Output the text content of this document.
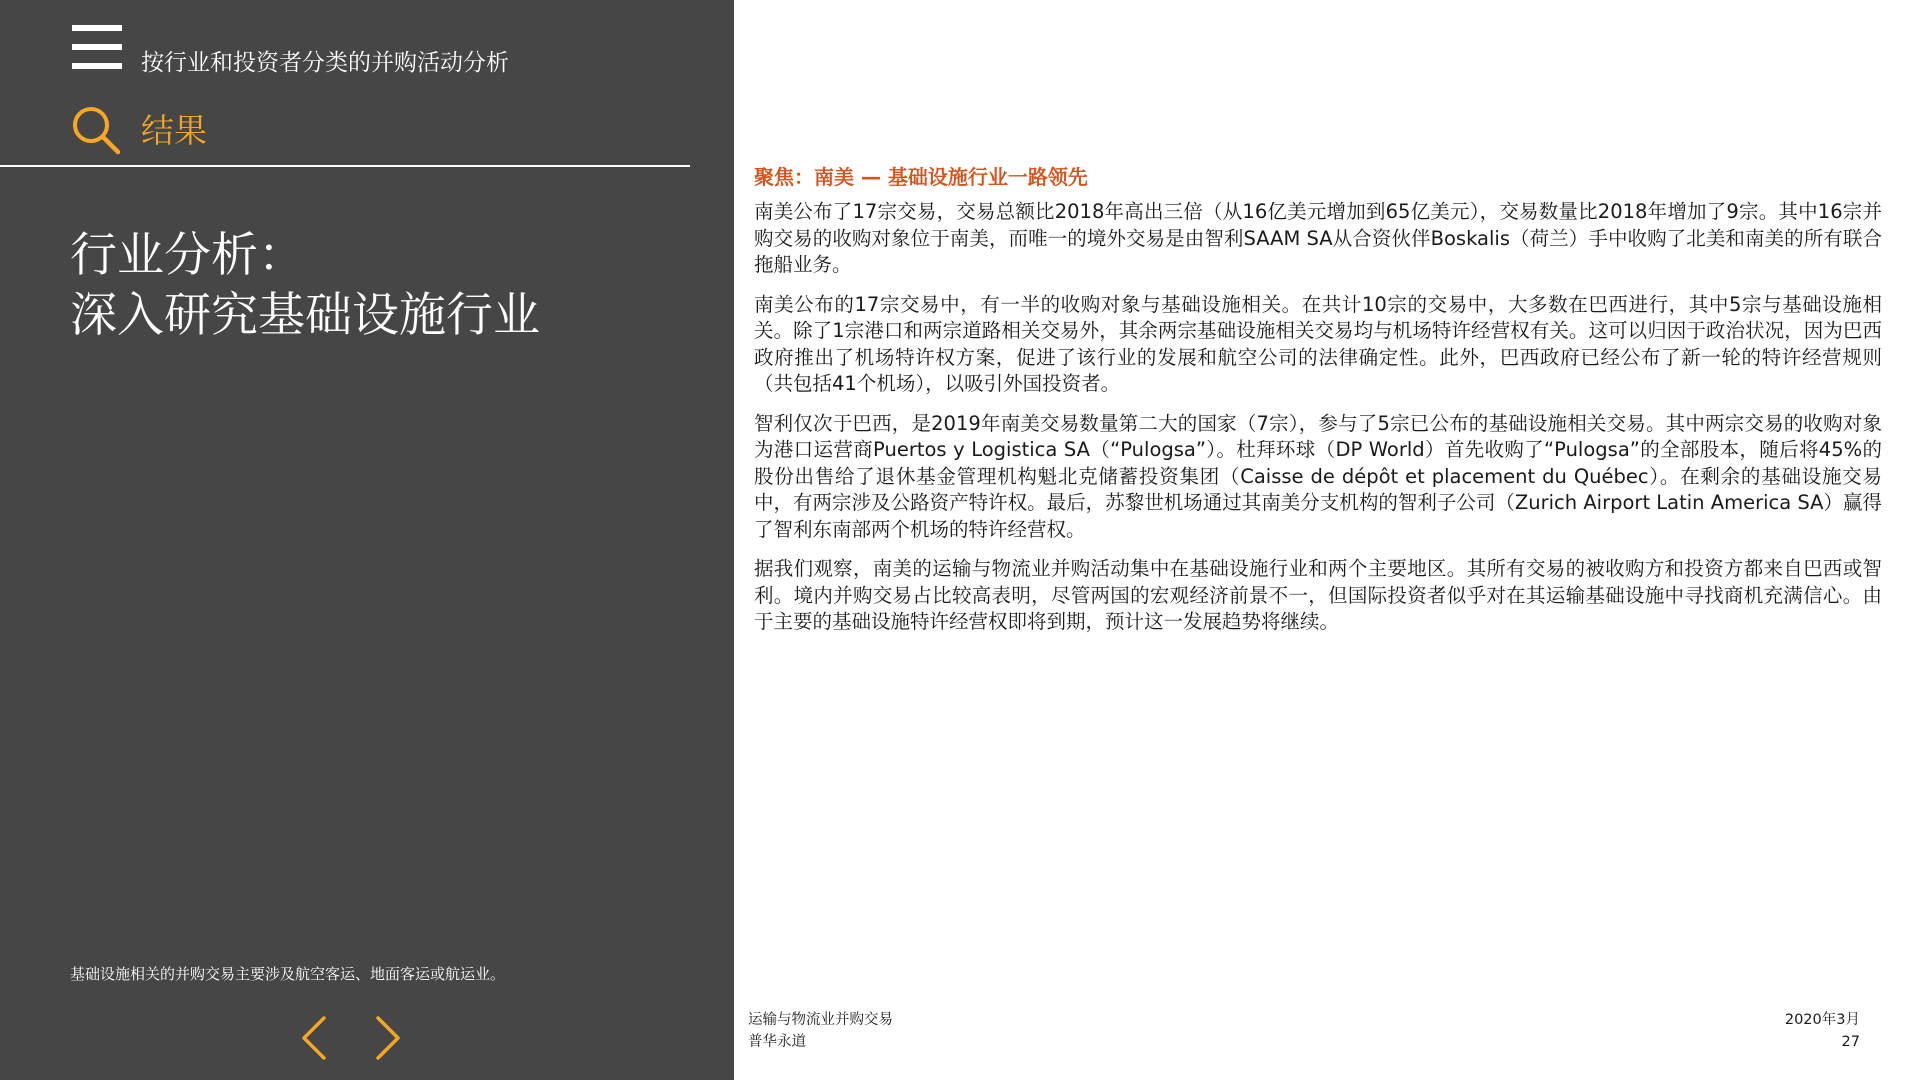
按行业和投资者分类的并购活动分析
结果
行业分析：
深入研究基础设施行业
基础设施相关的并购交易主要涉及航空客运、地面客运或航运业。
聚焦：南美 — 基础设施行业一路领先

南美公布了17宗交易，交易总额比2018年高出三倍（从16亿美元增加到65亿美元），交易数量比2018年增加了9宗。其中16宗并购交易的收购对象位于南美，而唯一的境外交易是由智利SAAM SA从合资伙伴Boskalis（荷兰）手中收购了北美和南美的所有联合拖船业务。

南美公布的17宗交易中，有一半的收购对象与基础设施相关。在共计10宗的交易中，大多数在巴西进行，其中5宗与基础设施相关。除了1宗港口和两宗道路相关交易外，其余两宗基础设施相关交易均与机场特许经营权有关。这可以归因于政治状况，因为巴西政府推出了机场特许权方案，促进了该行业的发展和航空公司的法律确定性。此外，巴西政府已经公布了新一轮的特许经营规则（共包括41个机场），以吸引外国投资者。

智利仅次于巴西，是2019年南美交易数量第二大的国家（7宗），参与了5宗已公布的基础设施相关交易。其中两宗交易的收购对象为港口运营商Puertos y Logistica SA（“Pulogsa”）。杜拜环球（DP World）首先收购了“Pulogsa”的全部股本，随后将45%的股份出售给了退休基金管理机构魁北克储蓄投资集团（Caisse de dépôt et placement du Québec）。在剩余的基础设施交易中，有两宗涉及公路资产特许权。最后，苏黎世机场通过其南美分支机构的智利子公司（Zurich Airport Latin America SA）赢得了智利东南部两个机场的特许经营权。

据我们观察，南美的运输与物流业并购活动集中在基础设施行业和两个主要地区。其所有交易的被收购方和投资方都来自巴西或智利。境内并购交易占比较高表明，尽管两国的宏观经济前景不一，但国际投资者似乎对在其运输基础设施中寻找商机充满信心。由于主要的基础设施特许经营权即将到期，预计这一发展趋势将继续。

运输与物流业并购交易
普华永道
2020年3月
27
